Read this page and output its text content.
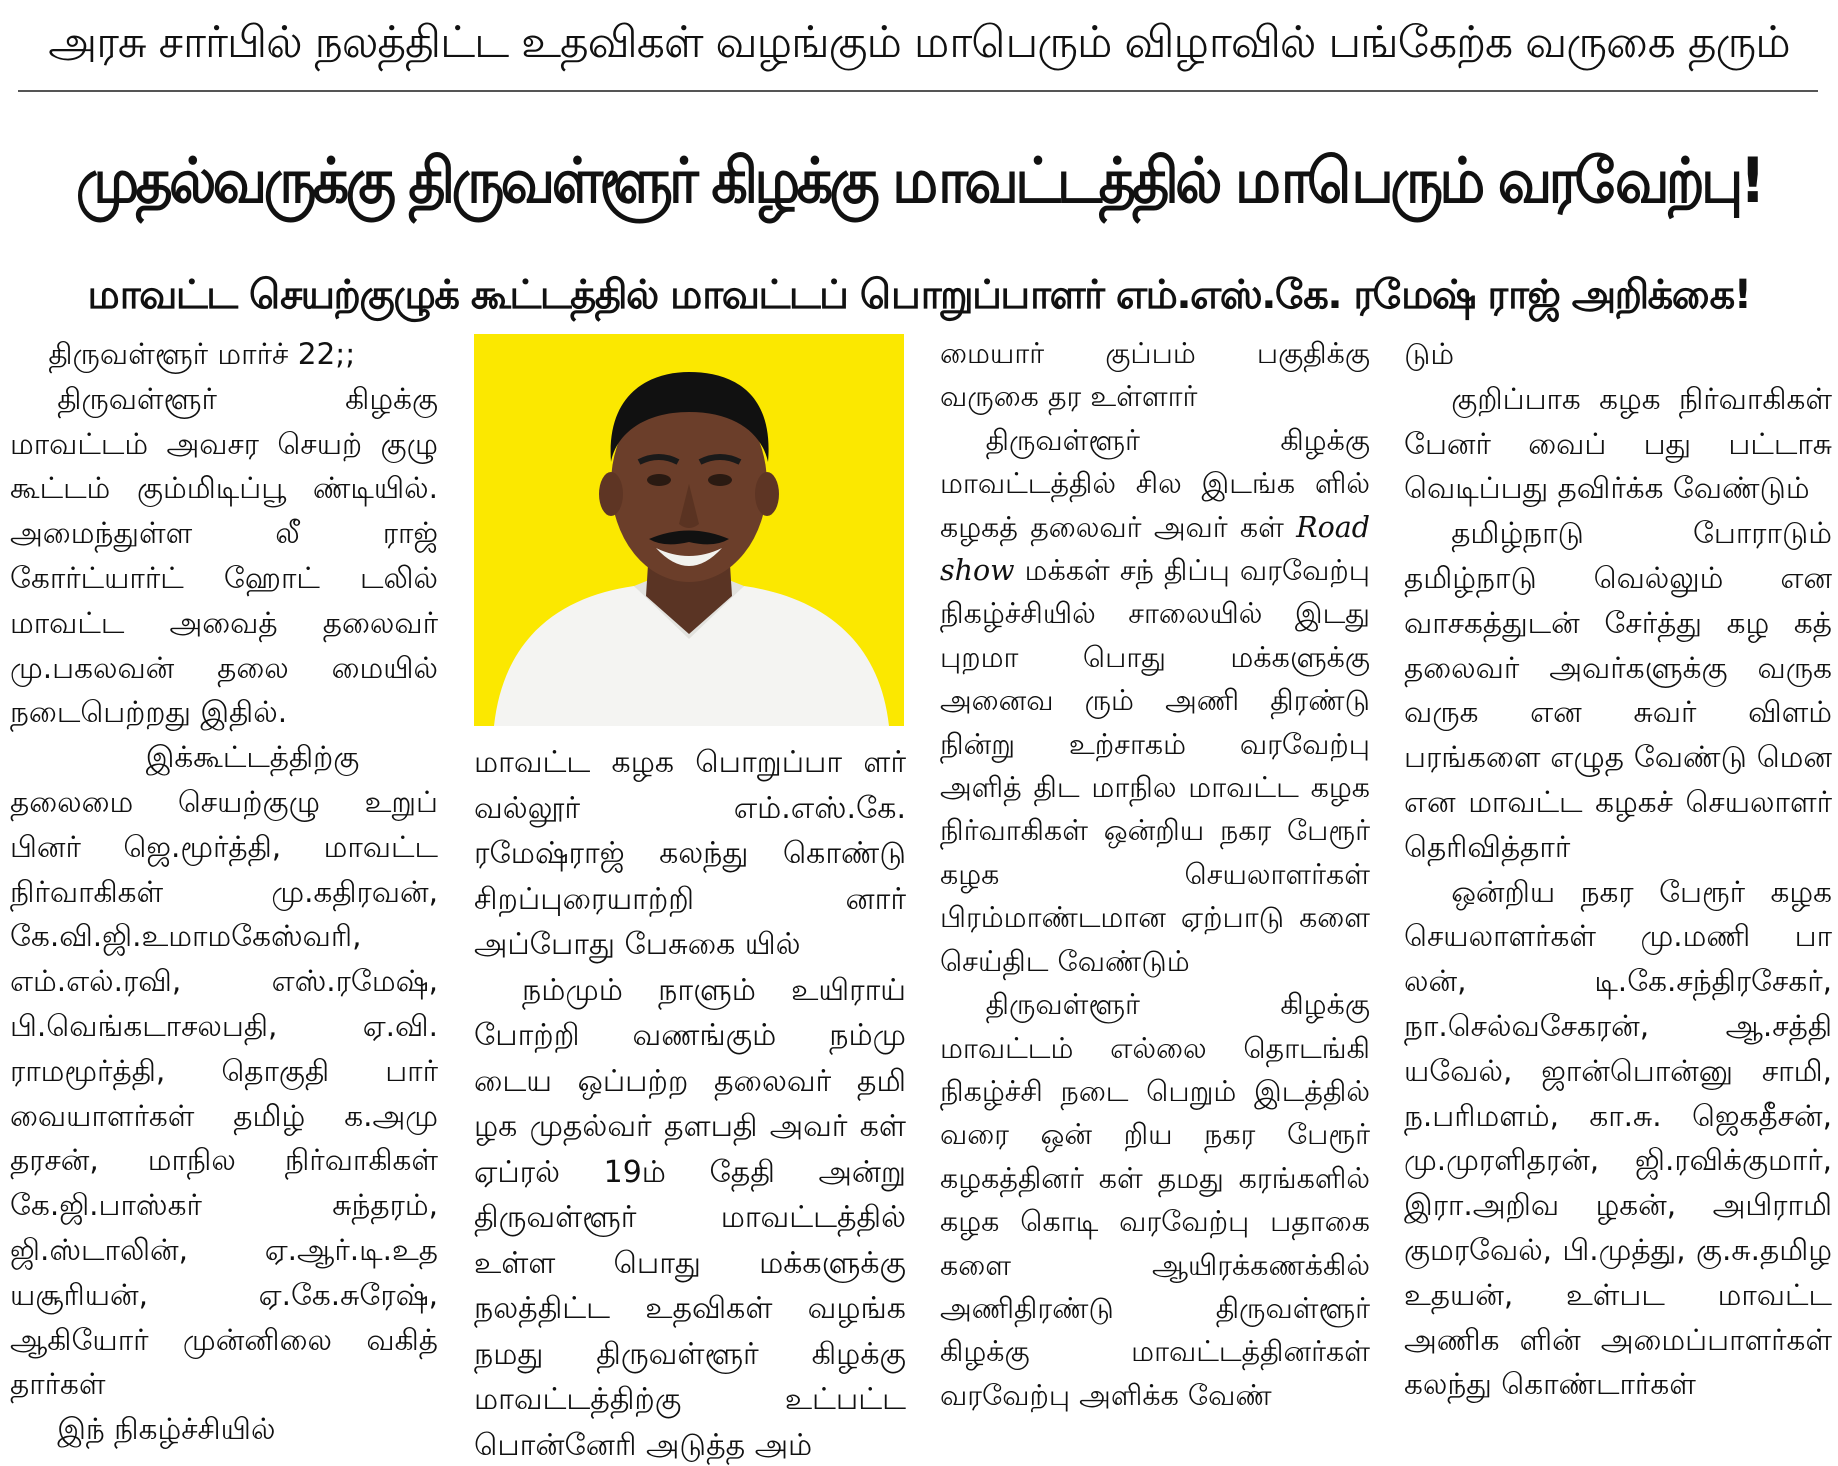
அரசு சார்பில் நலத்திட்ட உதவிகள் வழங்கும் மாபெரும் விழாவில் பங்கேற்க வருகை தரும்
முதல்வருக்கு திருவள்ளூர் கிழக்கு மாவட்டத்தில் மாபெரும் வரவேற்பு!
மாவட்ட செயற்குழுக் கூட்டத்தில் மாவட்டப் பொறுப்பாளர் எம்.எஸ்.கே. ரமேஷ் ராஜ் அறிக்கை!

திருவள்ளூர் மார்ச் 22;;

திருவள்ளூர் கிழக்கு மாவட்டம் அவசர செயற் குழு கூட்டம் கும்மிடிப்பூ ண்டியில். அமைந்துள்ள லீ ராஜ் கோர்ட்யார்ட் ஹோட் டலில் மாவட்ட அவைத் தலைவர் மு.பகலவன் தலை மையில் நடைபெற்றது இதில்.

இக்கூட்டத்திற்கு தலைமை செயற்குழு உறுப் பினர் ஜெ.மூர்த்தி, மாவட்ட நிர்வாகிகள் மு.கதிரவன், கே.வி.ஜி.உமாமகேஸ்வரி, எம்.எல்.ரவி, எஸ்.ரமேஷ், பி.வெங்கடாசலபதி, ஏ.வி. ராமமூர்த்தி, தொகுதி பார் வையாளர்கள் தமிழ் க.அமு தரசன், மாநில நிர்வாகிகள் கே.ஜி.பாஸ்கர் சுந்தரம், ஜி.ஸ்டாலின், ஏ.ஆர்.டி.உத யசூரியன், ஏ.கே.சுரேஷ், ஆகியோர் முன்னிலை வகித் தார்கள்

இந் நிகழ்ச்சியில்

மாவட்ட கழக பொறுப்பா ளர் வல்லூர் எம்.எஸ்.கே. ரமேஷ்ராஜ் கலந்து கொண்டு சிறப்புரையாற்றி னார் அப்போது பேசுகை யில்

நம்மும் நாளும் உயிராய் போற்றி வணங்கும் நம்மு டைய ஒப்பற்ற தலைவர் தமி ழக முதல்வர் தளபதி அவர் கள் ஏப்ரல் 19ம் தேதி அன்று திருவள்ளூர் மாவட்டத்தில் உள்ள பொது மக்களுக்கு நலத்திட்ட உதவிகள் வழங்க நமது திருவள்ளூர் கிழக்கு மாவட்டத்திற்கு உட்பட்ட பொன்னேரி அடுத்த அம்

மையார் குப்பம் பகுதிக்கு வருகை தர உள்ளார்

திருவள்ளூர் கிழக்கு மாவட்டத்தில் சில இடங்க ளில் கழகத் தலைவர் அவர் கள் Road show மக்கள் சந் திப்பு வரவேற்பு நிகழ்ச்சியில் சாலையில் இடது புறமா பொது மக்களுக்கு அனைவ ரும் அணி திரண்டு நின்று உற்சாகம் வரவேற்பு அளித் திட மாநில மாவட்ட கழக நிர்வாகிகள் ஒன்றிய நகர பேரூர் கழக செயலாளர்கள் பிரம்மாண்டமான ஏற்பாடு களை செய்திட வேண்டும்

திருவள்ளூர் கிழக்கு மாவட்டம் எல்லை தொடங்கி நிகழ்ச்சி நடை பெறும் இடத்தில் வரை ஒன் றிய நகர பேரூர் கழகத்தினர் கள் தமது கரங்களில் கழக கொடி வரவேற்பு பதாகை களை ஆயிரக்கணக்கில் அணிதிரண்டு திருவள்ளூர் கிழக்கு மாவட்டத்தினர்கள் வரவேற்பு அளிக்க வேண்

டும்

குறிப்பாக கழக நிர்வாகிகள் பேனர் வைப் பது பட்டாசு வெடிப்பது தவிர்க்க வேண்டும்

தமிழ்நாடு போராடும் தமிழ்நாடு வெல்லும் என வாசகத்துடன் சேர்த்து கழ கத் தலைவர் அவர்களுக்கு வருக வருக என சுவர் விளம் பரங்களை எழுத வேண்டு மென என மாவட்ட கழகச் செயலாளர் தெரிவித்தார்

ஒன்றிய நகர பேரூர் கழக செயலாளர்கள் மு.மணி பா லன், டி.கே.சந்திரசேகர், நா.செல்வசேகரன், ஆ.சத்தி யவேல், ஜான்பொன்னு சாமி, ந.பரிமளம், கா.சு. ஜெகதீசன், மு.முரளிதரன், ஜி.ரவிக்குமார், இரா.அறிவ ழகன், அபிராமி குமரவேல், பி.முத்து, கு.சு.தமிழ உதயன், உள்பட மாவட்ட அணிக ளின் அமைப்பாளர்கள் கலந்து கொண்டார்கள்
